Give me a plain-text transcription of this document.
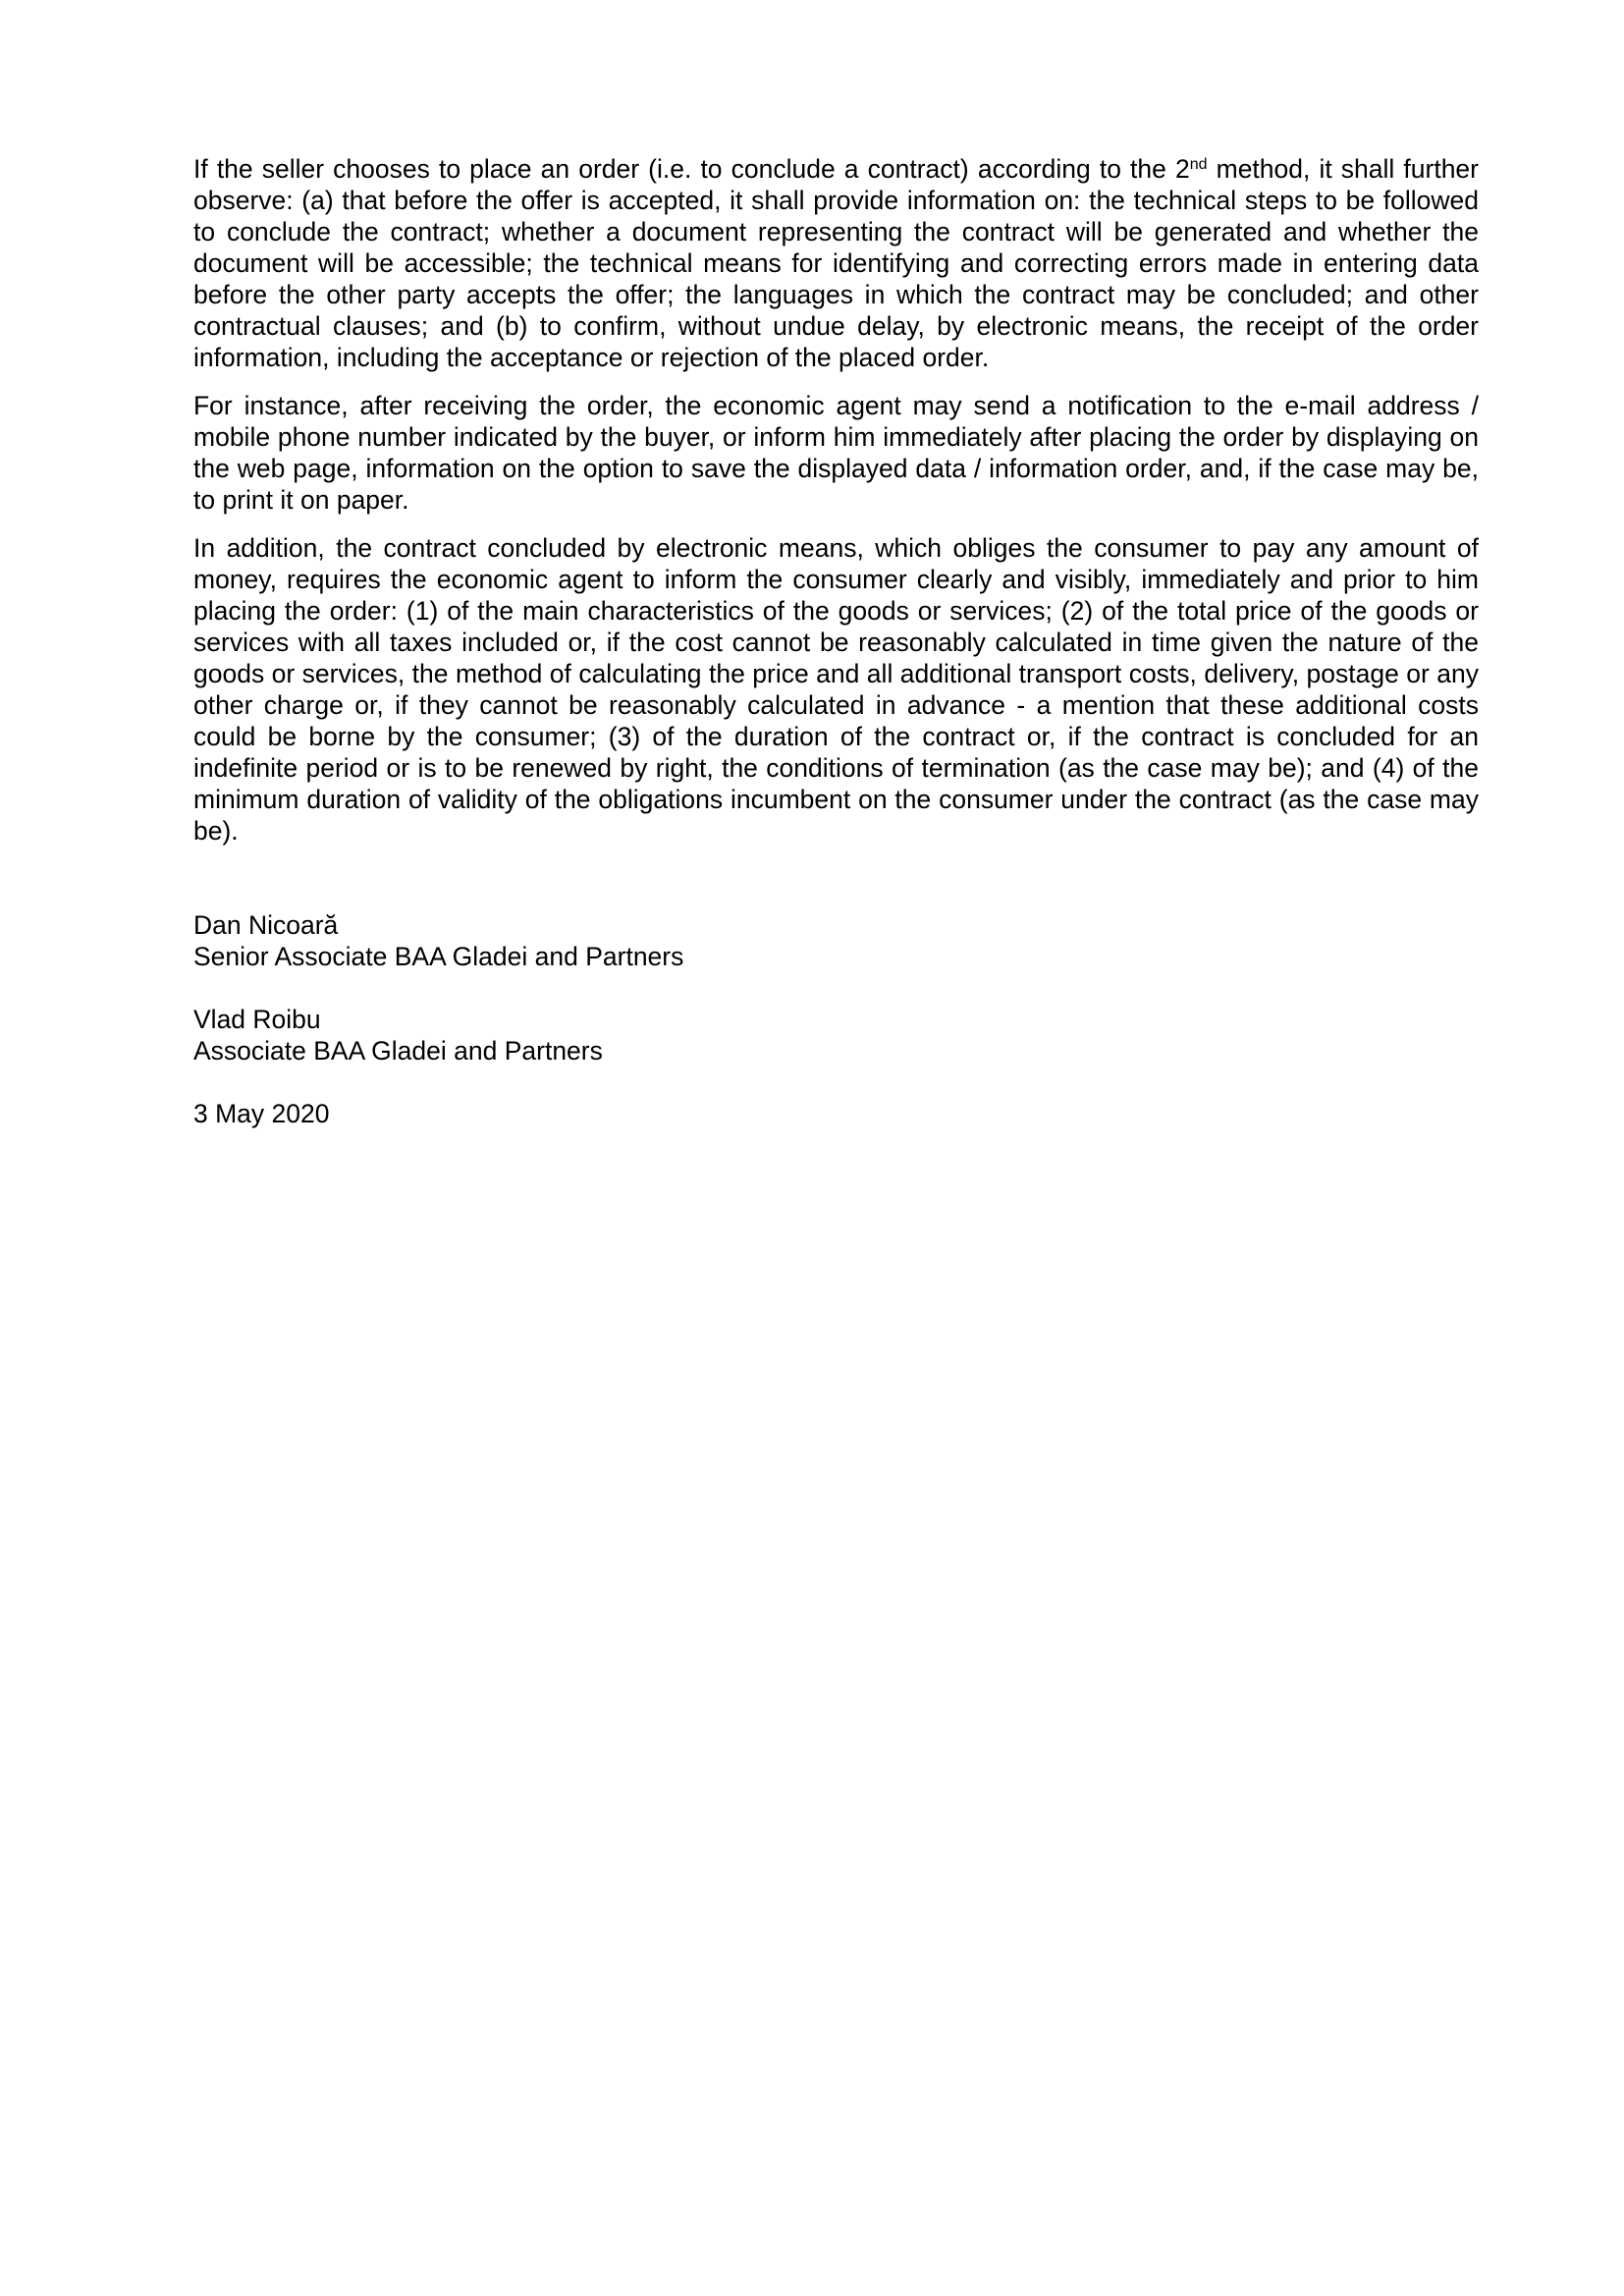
If the seller chooses to place an order (i.e. to conclude a contract) according to the 2nd method, it shall further observe: (a) that before the offer is accepted, it shall provide information on: the technical steps to be followed to conclude the contract; whether a document representing the contract will be generated and whether the document will be accessible; the technical means for identifying and correcting errors made in entering data before the other party accepts the offer; the languages in which the contract may be concluded; and other contractual clauses; and (b) to confirm, without undue delay, by electronic means, the receipt of the order information, including the acceptance or rejection of the placed order.

For instance, after receiving the order, the economic agent may send a notification to the e-mail address / mobile phone number indicated by the buyer, or inform him immediately after placing the order by displaying on the web page, information on the option to save the displayed data / information order, and, if the case may be, to print it on paper.

In addition, the contract concluded by electronic means, which obliges the consumer to pay any amount of money, requires the economic agent to inform the consumer clearly and visibly, immediately and prior to him placing the order: (1) of the main characteristics of the goods or services; (2) of the total price of the goods or services with all taxes included or, if the cost cannot be reasonably calculated in time given the nature of the goods or services, the method of calculating the price and all additional transport costs, delivery, postage or any other charge or, if they cannot be reasonably calculated in advance - a mention that these additional costs could be borne by the consumer; (3) of the duration of the contract or, if the contract is concluded for an indefinite period or is to be renewed by right, the conditions of termination (as the case may be); and (4) of the minimum duration of validity of the obligations incumbent on the consumer under the contract (as the case may be).

Dan Nicoară
Senior Associate BAA Gladei and Partners
Vlad Roibu
Associate BAA Gladei and Partners
3 May 2020
